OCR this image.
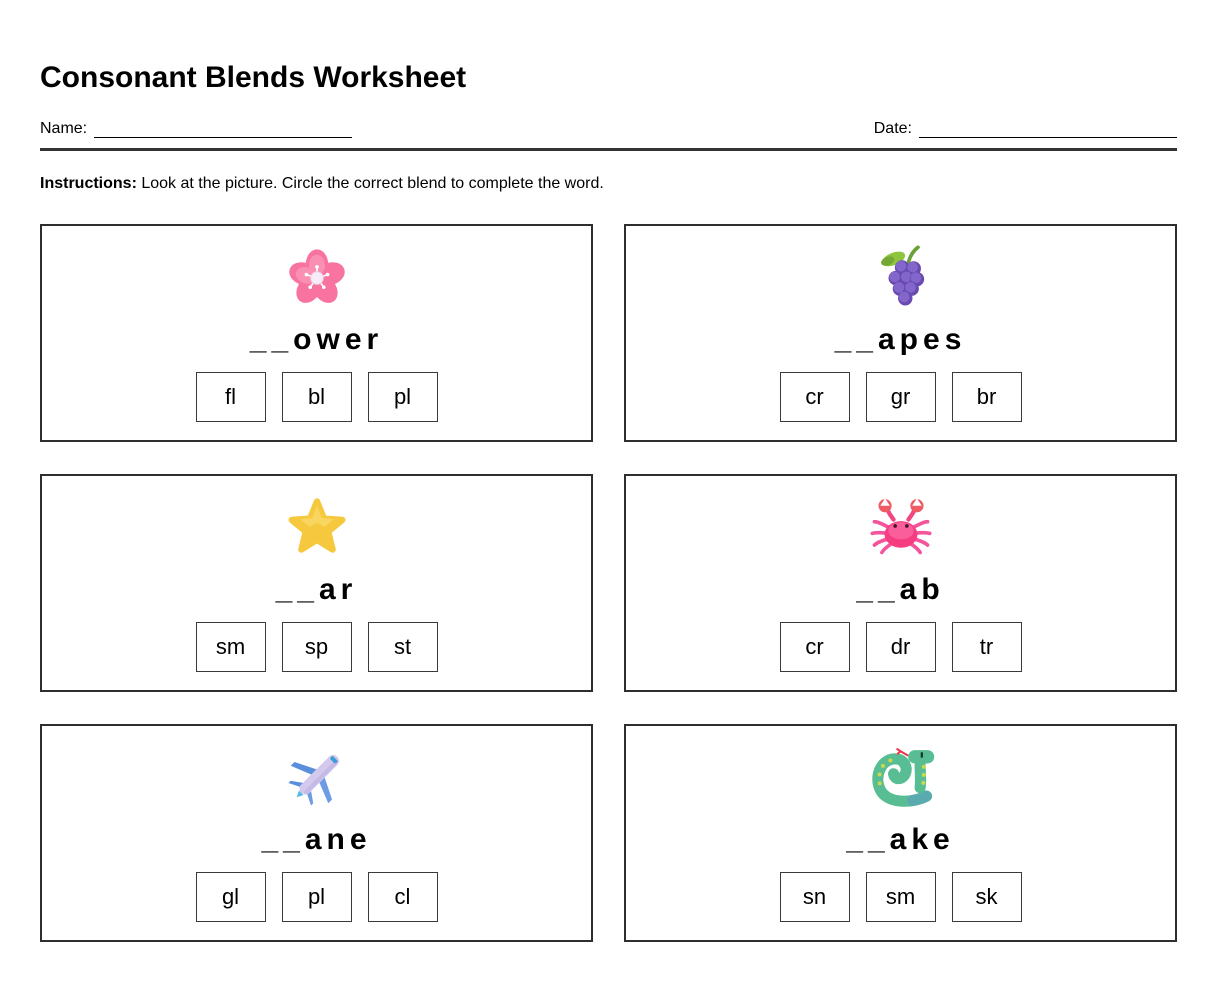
Consonant Blends Worksheet
Name:	Date:

Instructions: Look at the picture. Circle the correct blend to complete the word.

__ower
fl	bl	pl
__apes
cr	gr	br
__ar
sm	sp	st
__ab
cr	dr	tr
__ane
gl	pl	cl
__ake
sn	sm	sk
